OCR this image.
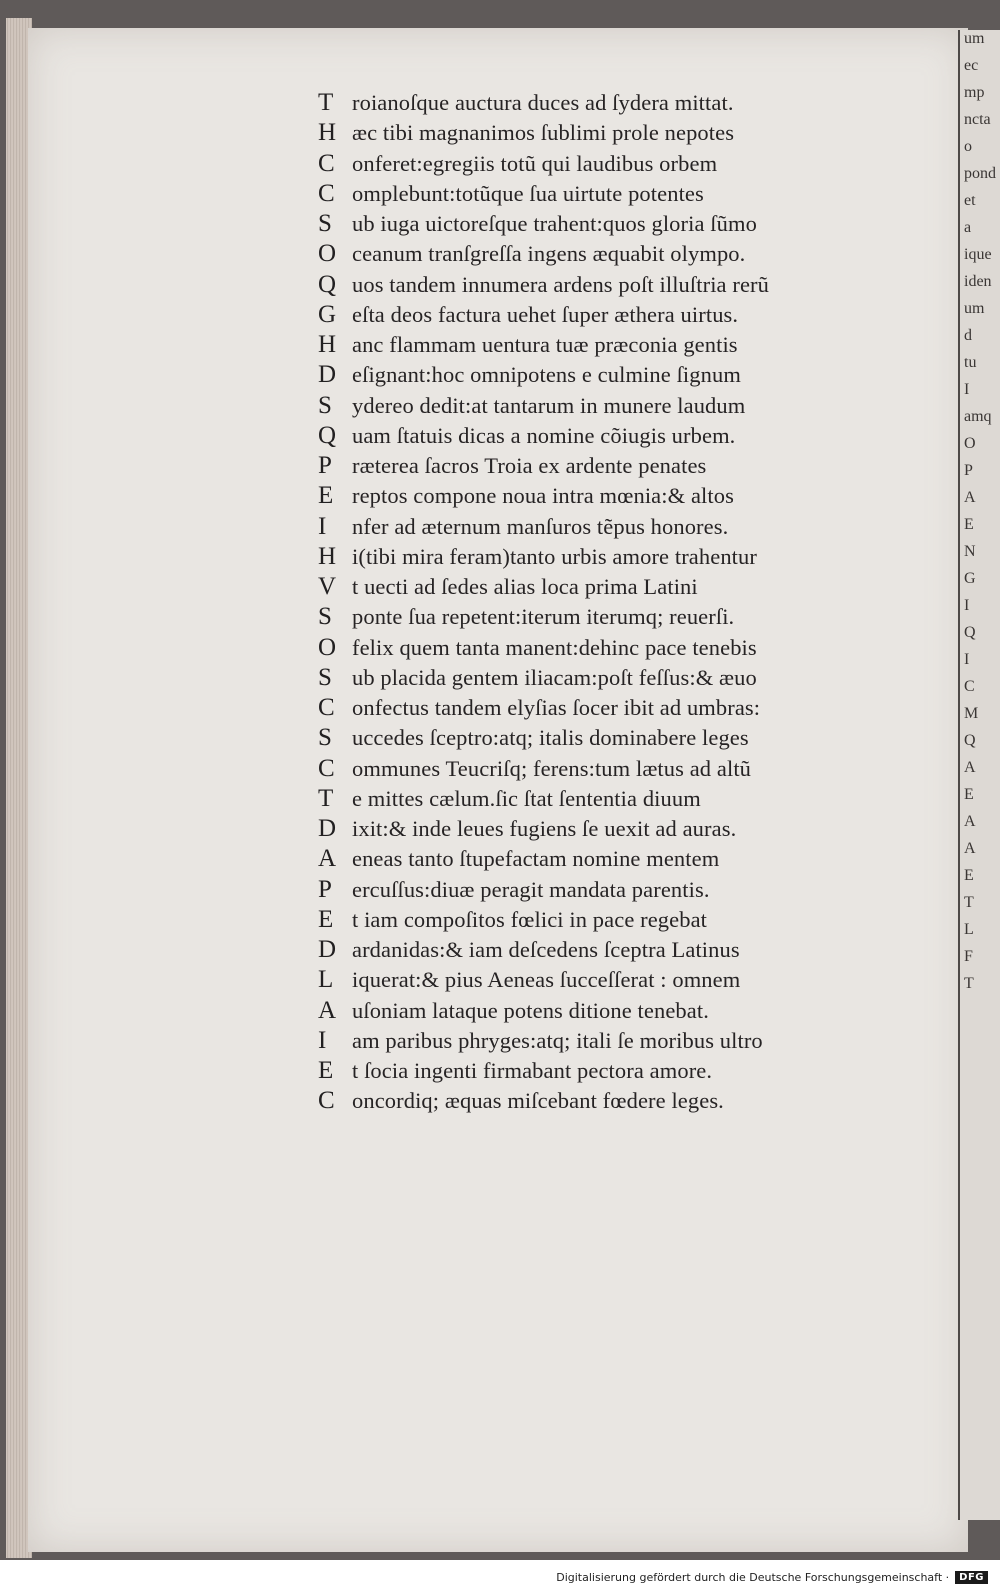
um
ec
mp
ncta
o
pond
et
a
ique
iden
um
d
tu
I
amq
O
P
A
E
N
G
I
Q
I
C
M
Q
A
E
A
A
E
T
L
F
T
T roianoſque auctura duces ad ſydera mittat.
H æc tibi magnanimos ſublimi prole nepotes
C onferet:egregiis totũ qui laudibus orbem
C omplebunt:totũque ſua uirtute potentes
S ub iuga uictoreſque trahent:quos gloria ſũmo
O ceanum tranſgreſſa ingens æquabit olympo.
Q uos tandem innumera ardens poſt illuſtria rerũ
G eſta deos factura uehet ſuper æthera uirtus.
H anc flammam uentura tuæ præconia gentis
D eſignant:hoc omnipotens e culmine ſignum
S ydereo dedit:at tantarum in munere laudum
Q uam ſtatuis dicas a nomine cõiugis urbem.
P ræterea ſacros Troia ex ardente penates
E reptos compone noua intra mœnia:& altos
I	nfer ad æternum manſuros tẽpus honores.
H i(tibi mira feram)tanto urbis amore trahentur
V t uecti ad ſedes alias loca prima Latini
S ponte ſua repetent:iterum iterumq; reuerſi.
O felix quem tanta manent:dehinc pace tenebis
S ub placida gentem iliacam:poſt feſſus:& æuo
C onfectus tandem elyſias ſocer ibit ad umbras:
S uccedes ſceptro:atq; italis dominabere leges
C ommunes Teucriſq; ferens:tum lætus ad altũ
T e mittes cælum.ſic ſtat ſententia diuum
D ixit:& inde leues fugiens ſe uexit ad auras.
A eneas tanto ſtupefactam nomine mentem
P ercuſſus:diuæ peragit mandata parentis.
E t iam compoſitos fœlici in pace regebat
D ardanidas:& iam deſcedens ſceptra Latinus
L iquerat:& pius Aeneas ſucceſſerat : omnem
A uſoniam lataque potens ditione tenebat.
I	am paribus phryges:atq; itali ſe moribus ultro
E t ſocia ingenti firmabant pectora amore.
C oncordiq; æquas miſcebant fœdere leges.
Digitalisierung gefördert durch die Deutsche Forschungsgemeinschaft ·	DFG
